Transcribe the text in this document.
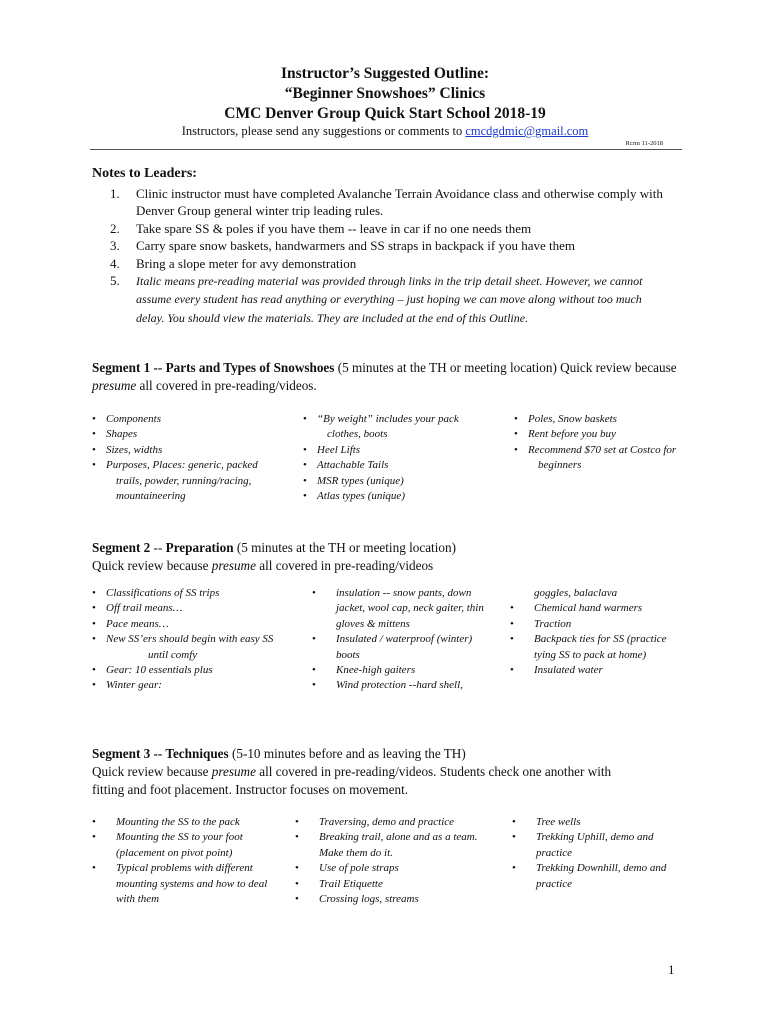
Instructor’s Suggested Outline:
“Beginner Snowshoes” Clinics
CMC Denver Group Quick Start School 2018-19
Instructors, please send any suggestions or comments to cmcdgdmic@gmail.com
Rcrm 11-2018
Notes to Leaders:
1. Clinic instructor must have completed Avalanche Terrain Avoidance class and otherwise comply with Denver Group general winter trip leading rules.
2. Take spare SS & poles if you have them -- leave in car if no one needs them
3. Carry spare snow baskets, handwarmers and SS straps in backpack if you have them
4. Bring a slope meter for avy demonstration
5. Italic means pre-reading material was provided through links in the trip detail sheet. However, we cannot assume every student has read anything or everything – just hoping we can move along without too much delay. You should view the materials. They are included at the end of this Outline.
Segment 1 -- Parts and Types of Snowshoes (5 minutes at the TH or meeting location) Quick review because presume all covered in pre-reading/videos.
• Components
• Shapes
• Sizes, widths
• Purposes, Places: generic, packed
trails, powder, running/racing,
mountaineering
• “By weight” includes your pack
clothes, boots
• Heel Lifts
• Attachable Tails
• MSR types (unique)
• Atlas types (unique)
• Poles, Snow baskets
• Rent before you buy
• Recommend $70 set at Costco for
beginners
Segment 2 -- Preparation (5 minutes at the TH or meeting location)
Quick review because presume all covered in pre-reading/videos
• Classifications of SS trips
• Off trail means…
• Pace means…
• New SS’ers should begin with easy SS
until comfy
• Gear: 10 essentials plus
• Winter gear:
• insulation -- snow pants, down
jacket, wool cap, neck gaiter, thin
gloves & mittens
• Insulated / waterproof (winter)
boots
• Knee-high gaiters
• Wind protection --hard shell,
goggles, balaclava
• Chemical hand warmers
• Traction
• Backpack ties for SS (practice
tying SS to pack at home)
• Insulated water
Segment 3 -- Techniques (5-10 minutes before and as leaving the TH)
Quick review because presume all covered in pre-reading/videos. Students check one another with
fitting and foot placement. Instructor focuses on movement.
• Mounting the SS to the pack
• Mounting the SS to your foot
(placement on pivot point)
• Typical problems with different
mounting systems and how to deal
with them
• Traversing, demo and practice
• Breaking trail, alone and as a team.
Make them do it.
• Use of pole straps
• Trail Etiquette
• Crossing logs, streams
• Tree wells
• Trekking Uphill, demo and
practice
• Trekking Downhill, demo and
practice
1
